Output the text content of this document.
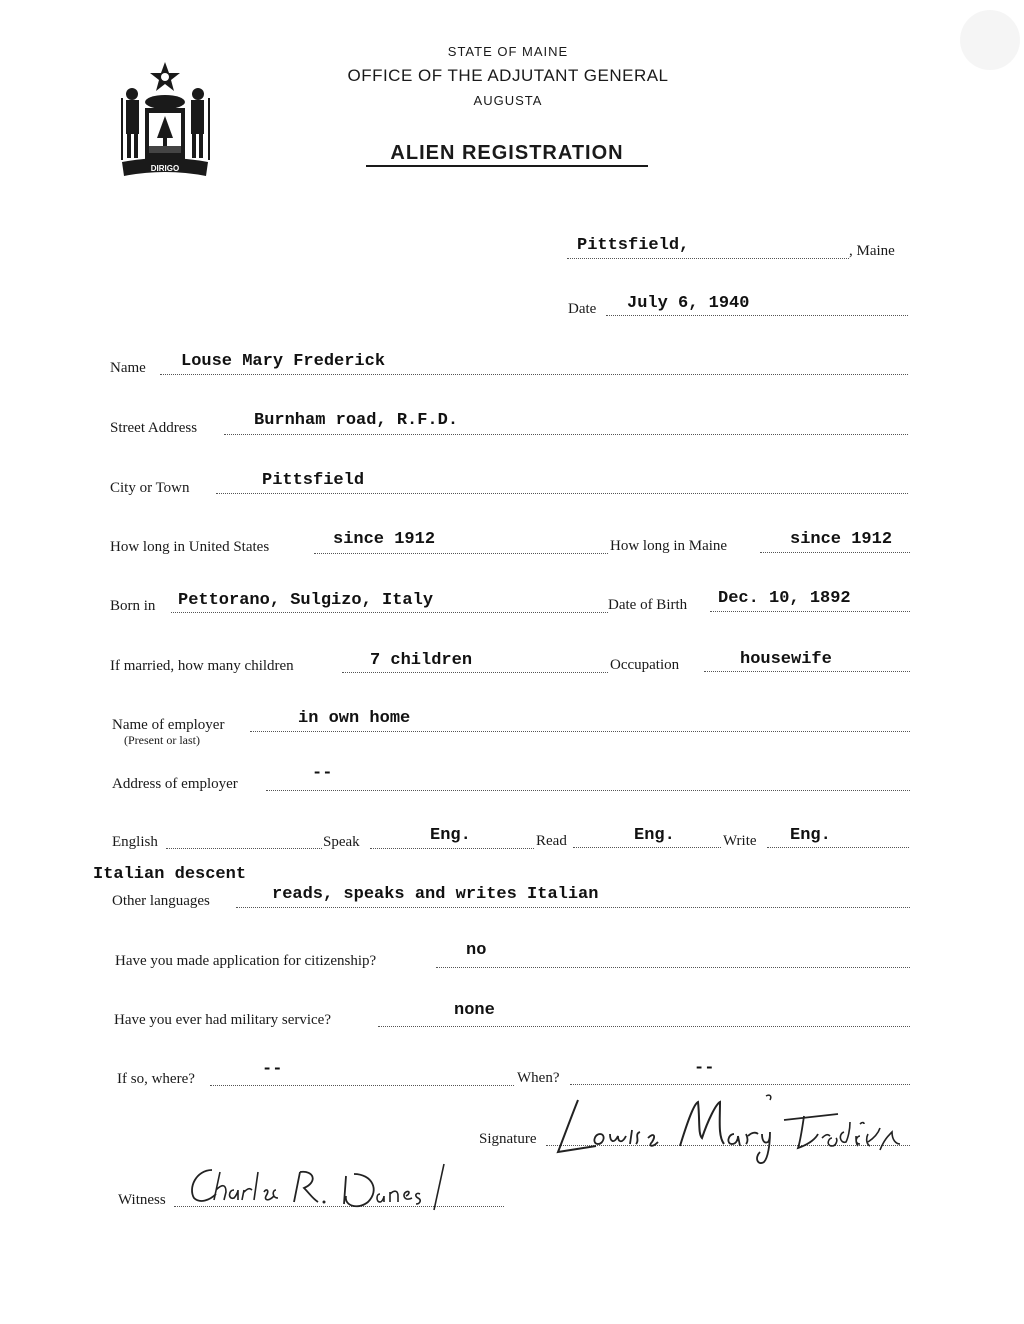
DIRIGO
STATE OF MAINE
OFFICE OF THE ADJUTANT GENERAL
AUGUSTA
ALIEN REGISTRATION
Pittsfield,	, Maine
Date July 6, 1940
Name Louse Mary Frederick
Street Address	Burnham road, R.F.D.
City or Town	Pittsfield
How long in United States	since 1912	How long in Maine	since 1912
Born in Pettorano, Sulgizo, Italy	Date of Birth Dec. 10, 1892
If married, how many children	7 children	Occupation	housewife
Name of employer
(Present or last)
in own home
Address of employer
--
English	Speak	Eng.	Read	Eng.	Write Eng.
Italian descent
Other languages	reads, speaks and writes Italian
Have you made application for citizenship?
no
Have you ever had military service?	none
If so, where?	--	When?	--
Signature
Witness
